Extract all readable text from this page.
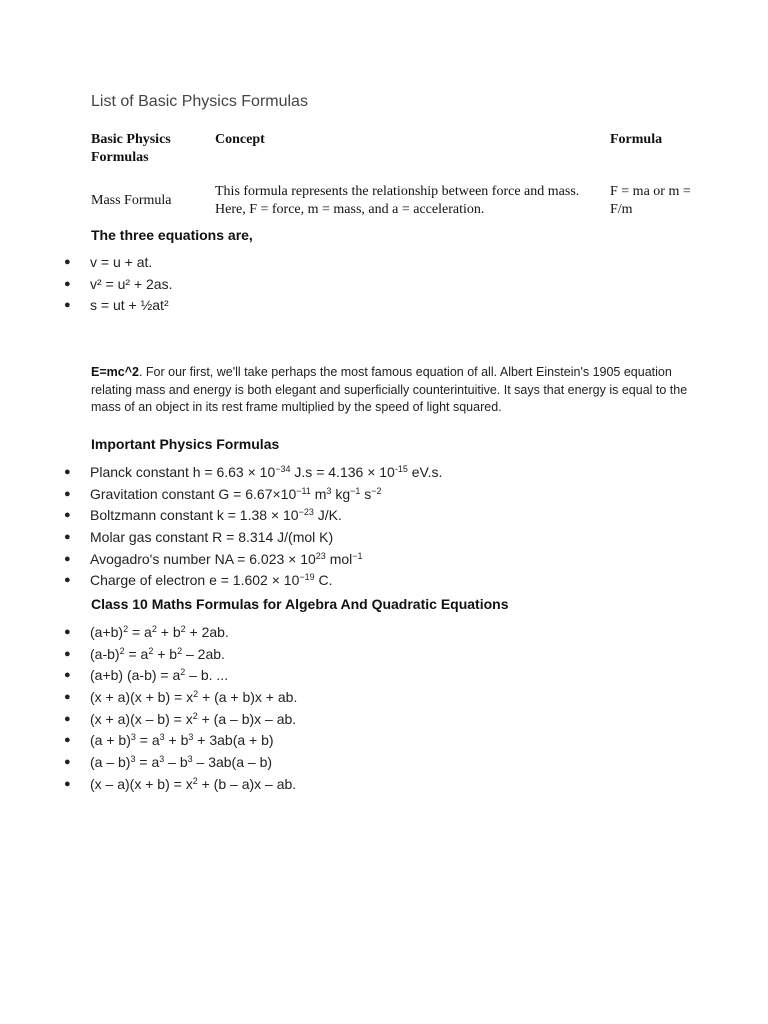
List of Basic Physics Formulas
Basic Physics Formulas	Concept	Formula
Mass Formula	This formula represents the relationship between force and mass. Here, F = force, m = mass, and a = acceleration.	F = ma or m = F/m
The three equations are,
● v = u + at.
● v² = u² + 2as.
● s = ut + ½at²

E=mc^2. For our first, we'll take perhaps the most famous equation of all. Albert Einstein's 1905 equation relating mass and energy is both elegant and superficially counterintuitive. It says that energy is equal to the mass of an object in its rest frame multiplied by the speed of light squared.

Important Physics Formulas
● Planck constant $h = 6.63 \times 10^{-34}$ $J.s = 4.136 \times 10^{-15}$ eV.s.
● Gravitation constant $G = 6.67\times 10^{-11}$ $m^3$ $kg^{-1}$ $s^{-2}$
● Boltzmann constant $k = 1.38 \times 10^{-23}$ J/K.
● Molar gas constant R = 8.314 J/(mol K)
● Avogadro's number NA = $6.023 \times 10^{23}$ mol$^{-1}$
● Charge of electron $e = 1.602 \times 10^{-19}$ C.
Class 10 Maths Formulas for Algebra And Quadratic Equations
● $(a+b)^2 = a^2 + b^2 + 2ab$.
● $(a-b)^2 = a^2 + b^2 - 2ab$.
● (a+b) $(a-b) = a^2 - b$. ...
● $(x + a)(x + b) = x^2 + (a + b)x$ + ab.
● $(x + a)(x - b) = x^2 + (a - b)x$ – ab.
● $(a + b)^3 = a^3 + b^3 + 3ab(a + b)$
● $(a - b)^3 = a^3 - b^3 - 3ab(a - b)$
● $(x - a)(x + b) = x^2 + (b - a)x$ – ab.
